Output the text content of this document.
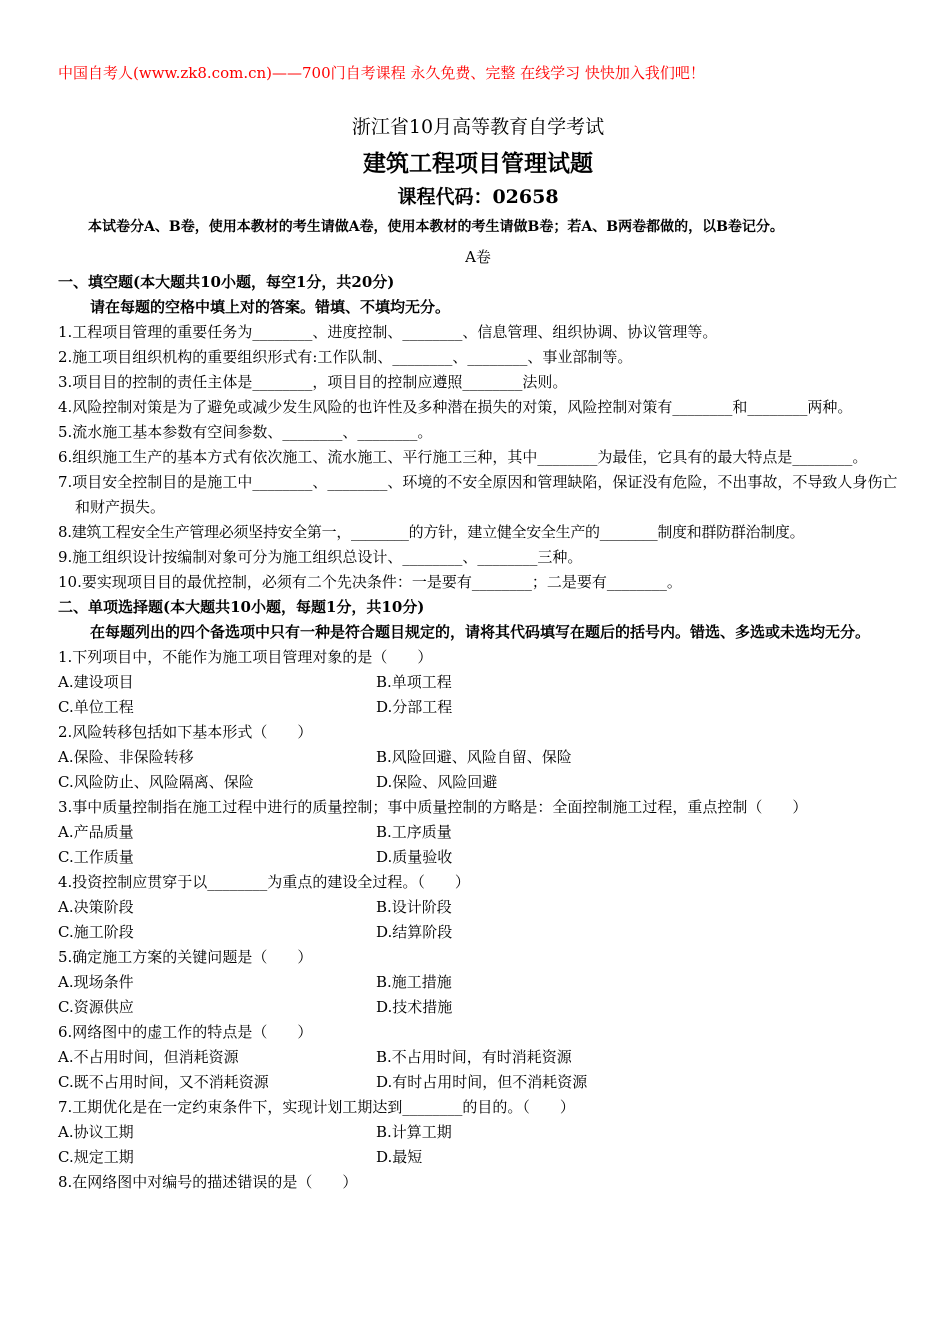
中国自考人(www.zk8.com.cn)——700门自考课程 永久免费、完整 在线学习 快快加入我们吧！
浙江省10月高等教育自学考试
建筑工程项目管理试题
课程代码：02658
本试卷分A、B卷，使用本教材的考生请做A卷，使用本教材的考生请做B卷；若A、B两卷都做的，以B卷记分。
A卷
一、填空题(本大题共10小题，每空1分，共20分)
请在每题的空格中填上对的答案。错填、不填均无分。
1.工程项目管理的重要任务为________、进度控制、________、信息管理、组织协调、协议管理等。
2.施工项目组织机构的重要组织形式有:工作队制、________、________、事业部制等。
3.项目目的控制的责任主体是________，项目目的控制应遵照________法则。
4.风险控制对策是为了避免或减少发生风险的也许性及多种潜在损失的对策，风险控制对策有________和________两种。
5.流水施工基本参数有空间参数、________、________。
6.组织施工生产的基本方式有依次施工、流水施工、平行施工三种，其中________为最佳，它具有的最大特点是________。
7.项目安全控制目的是施工中________、________、环境的不安全原因和管理缺陷，保证没有危险，不出事故，不导致人身伤亡和财产损失。
8.建筑工程安全生产管理必须坚持安全第一，________的方针，建立健全安全生产的________制度和群防群治制度。
9.施工组织设计按编制对象可分为施工组织总设计、________、________三种。
10.要实现项目目的最优控制，必须有二个先决条件：一是要有________；二是要有________。
二、单项选择题(本大题共10小题，每题1分，共10分)
在每题列出的四个备选项中只有一种是符合题目规定的，请将其代码填写在题后的括号内。错选、多选或未选均无分。
1.下列项目中，不能作为施工项目管理对象的是（　　）
A.建设项目	B.单项工程
C.单位工程	D.分部工程
2.风险转移包括如下基本形式（　　）
A.保险、非保险转移	B.风险回避、风险自留、保险
C.风险防止、风险隔离、保险	D.保险、风险回避
3.事中质量控制指在施工过程中进行的质量控制；事中质量控制的方略是：全面控制施工过程，重点控制（　　）
A.产品质量	B.工序质量
C.工作质量	D.质量验收
4.投资控制应贯穿于以________为重点的建设全过程。（　　）
A.决策阶段	B.设计阶段
C.施工阶段	D.结算阶段
5.确定施工方案的关键问题是（　　）
A.现场条件	B.施工措施
C.资源供应	D.技术措施
6.网络图中的虚工作的特点是（　　）
A.不占用时间，但消耗资源	B.不占用时间，有时消耗资源
C.既不占用时间，又不消耗资源	D.有时占用时间，但不消耗资源
7.工期优化是在一定约束条件下，实现计划工期达到________的目的。（　　）
A.协议工期	B.计算工期
C.规定工期	D.最短
8.在网络图中对编号的描述错误的是（　　）
